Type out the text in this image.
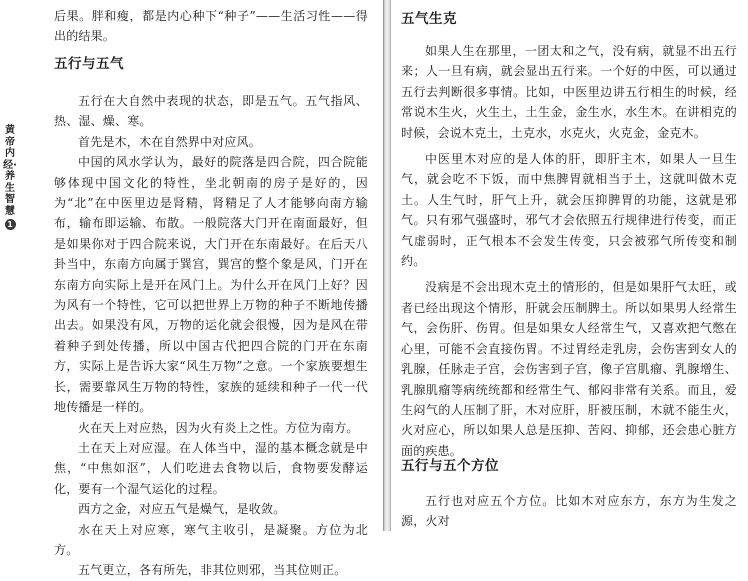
黄帝内经·养生智慧
11

后果。胖和瘦，都是内心种下“种子”——生活习性——得出的结果。

五行与五气

五行在大自然中表现的状态，即是五气。五气指风、热、湿、燥、寒。

首先是木，木在自然界中对应风。

中国的风水学认为，最好的院落是四合院，四合院能够体现中国文化的特性，坐北朝南的房子是好的，因为“北”在中医里边是肾精，肾精足了人才能够向南方输布，输布即运输、布散。一般院落大门开在南面最好，但是如果你对于四合院来说，大门开在东南最好。在后天八卦当中，东南方向属于巽宫，巽宫的整个象是风，门开在东南方向实际上是开在风门上。为什么开在风门上好？因为风有一个特性，它可以把世界上万物的种子不断地传播出去。如果没有风，万物的运化就会很慢，因为是风在带着种子到处传播，所以中国古代把四合院的门开在东南方，实际上是告诉大家“风生万物”之意。一个家族要想生长，需要靠风生万物的特性，家族的延续和种子一代一代地传播是一样的。

火在天上对应热，因为火有炎上之性。方位为南方。

土在天上对应湿。在人体当中，湿的基本概念就是中焦，“中焦如沤”，人们吃进去食物以后，食物要发酵运化，要有一个湿气运化的过程。

西方之金，对应五气是燥气，是收敛。

水在天上对应寒，寒气主收引，是凝聚。方位为北方。

五气更立，各有所先，非其位则邪，当其位则正。

五气生克

如果人生在那里，一团太和之气，没有病，就显不出五行来；人一旦有病，就会显出五行来。一个好的中医，可以通过五行去判断很多事情。比如，中医里边讲五行相生的时候，经常说木生火，火生土，土生金，金生水，水生木。在讲相克的时候，会说木克土，土克水，水克火，火克金，金克木。

中医里木对应的是人体的肝，即肝主木，如果人一旦生气，就会吃不下饭，而中焦脾胃就相当于土，这就叫做木克土。人生气时，肝气上升，就会压抑脾胃的功能，这就是邪气。只有邪气强盛时，邪气才会依照五行规律进行传变，而正气虚弱时，正气根本不会发生传变，只会被邪气所传变和制约。

没病是不会出现木克土的情形的，但是如果肝气太旺，或者已经出现这个情形，肝就会压制脾土。所以如果男人经常生气，会伤肝、伤胃。但是如果女人经常生气，又喜欢把气憋在心里，可能不会直接伤胃。不过胃经走乳房，会伤害到女人的乳腺，任脉走子宫，会伤害到子宫，像子宫肌瘤、乳腺增生、乳腺肌瘤等病统统都和经常生气、郁闷非常有关系。而且，爱生闷气的人压制了肝，木对应肝，肝被压制，木就不能生火，火对应心，所以如果人总是压抑、苦闷、抑郁，还会患心脏方面的疾患。

五行与五个方位

五行也对应五个方位。比如木对应东方，东方为生发之源，火对
